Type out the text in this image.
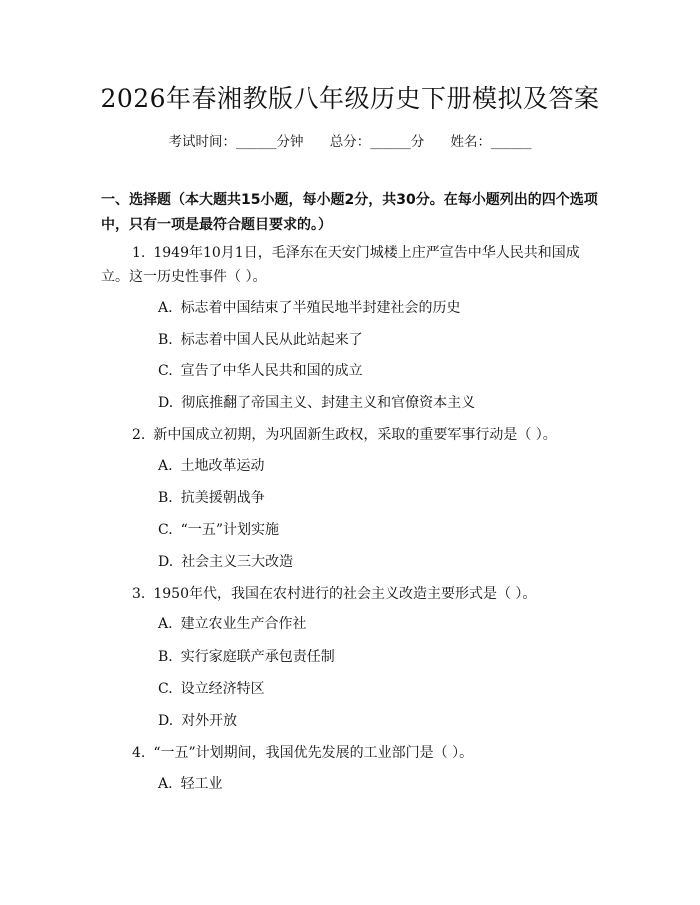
2026年春湘教版八年级历史下册模拟及答案
考试时间：______分钟 总分：______分 姓名：______
一、选择题（本大题共15小题，每小题2分，共30分。在每小题列出的四个选项中，只有一项是最符合题目要求的。）
1. 1949年10月1日，毛泽东在天安门城楼上庄严宣告中华人民共和国成立。这一历史性事件（ ）。
A. 标志着中国结束了半殖民地半封建社会的历史
B. 标志着中国人民从此站起来了
C. 宣告了中华人民共和国的成立
D. 彻底推翻了帝国主义、封建主义和官僚资本主义
2. 新中国成立初期，为巩固新生政权，采取的重要军事行动是（ ）。
A. 土地改革运动
B. 抗美援朝战争
C. “一五”计划实施
D. 社会主义三大改造
3. 1950年代，我国在农村进行的社会主义改造主要形式是（ ）。
A. 建立农业生产合作社
B. 实行家庭联产承包责任制
C. 设立经济特区
D. 对外开放
4. “一五”计划期间，我国优先发展的工业部门是（ ）。
A. 轻工业
